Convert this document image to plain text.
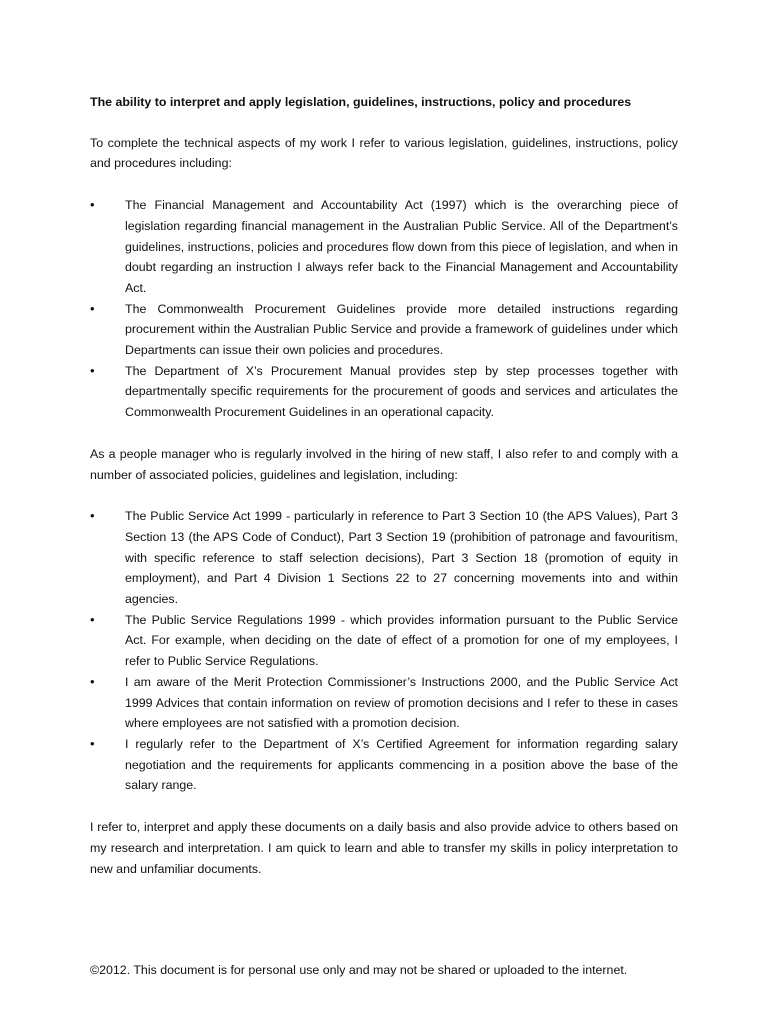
The ability to interpret and apply legislation, guidelines, instructions, policy and procedures
To complete the technical aspects of my work I refer to various legislation, guidelines, instructions, policy and procedures including:
• The Financial Management and Accountability Act (1997) which is the overarching piece of legislation regarding financial management in the Australian Public Service. All of the Department’s guidelines, instructions, policies and procedures flow down from this piece of legislation, and when in doubt regarding an instruction I always refer back to the Financial Management and Accountability Act.
• The Commonwealth Procurement Guidelines provide more detailed instructions regarding procurement within the Australian Public Service and provide a framework of guidelines under which Departments can issue their own policies and procedures.
• The Department of X’s Procurement Manual provides step by step processes together with departmentally specific requirements for the procurement of goods and services and articulates the Commonwealth Procurement Guidelines in an operational capacity.
As a people manager who is regularly involved in the hiring of new staff, I also refer to and comply with a number of associated policies, guidelines and legislation, including:
• The Public Service Act 1999 - particularly in reference to Part 3 Section 10 (the APS Values), Part 3 Section 13 (the APS Code of Conduct), Part 3 Section 19 (prohibition of patronage and favouritism, with specific reference to staff selection decisions), Part 3 Section 18 (promotion of equity in employment), and Part 4 Division 1 Sections 22 to 27 concerning movements into and within agencies.
• The Public Service Regulations 1999 - which provides information pursuant to the Public Service Act. For example, when deciding on the date of effect of a promotion for one of my employees, I refer to Public Service Regulations.
• I am aware of the Merit Protection Commissioner’s Instructions 2000, and the Public Service Act 1999 Advices that contain information on review of promotion decisions and I refer to these in cases where employees are not satisfied with a promotion decision.
• I regularly refer to the Department of X’s Certified Agreement for information regarding salary negotiation and the requirements for applicants commencing in a position above the base of the salary range.
I refer to, interpret and apply these documents on a daily basis and also provide advice to others based on my research and interpretation. I am quick to learn and able to transfer my skills in policy interpretation to new and unfamiliar documents.
©2012. This document is for personal use only and may not be shared or uploaded to the internet.
